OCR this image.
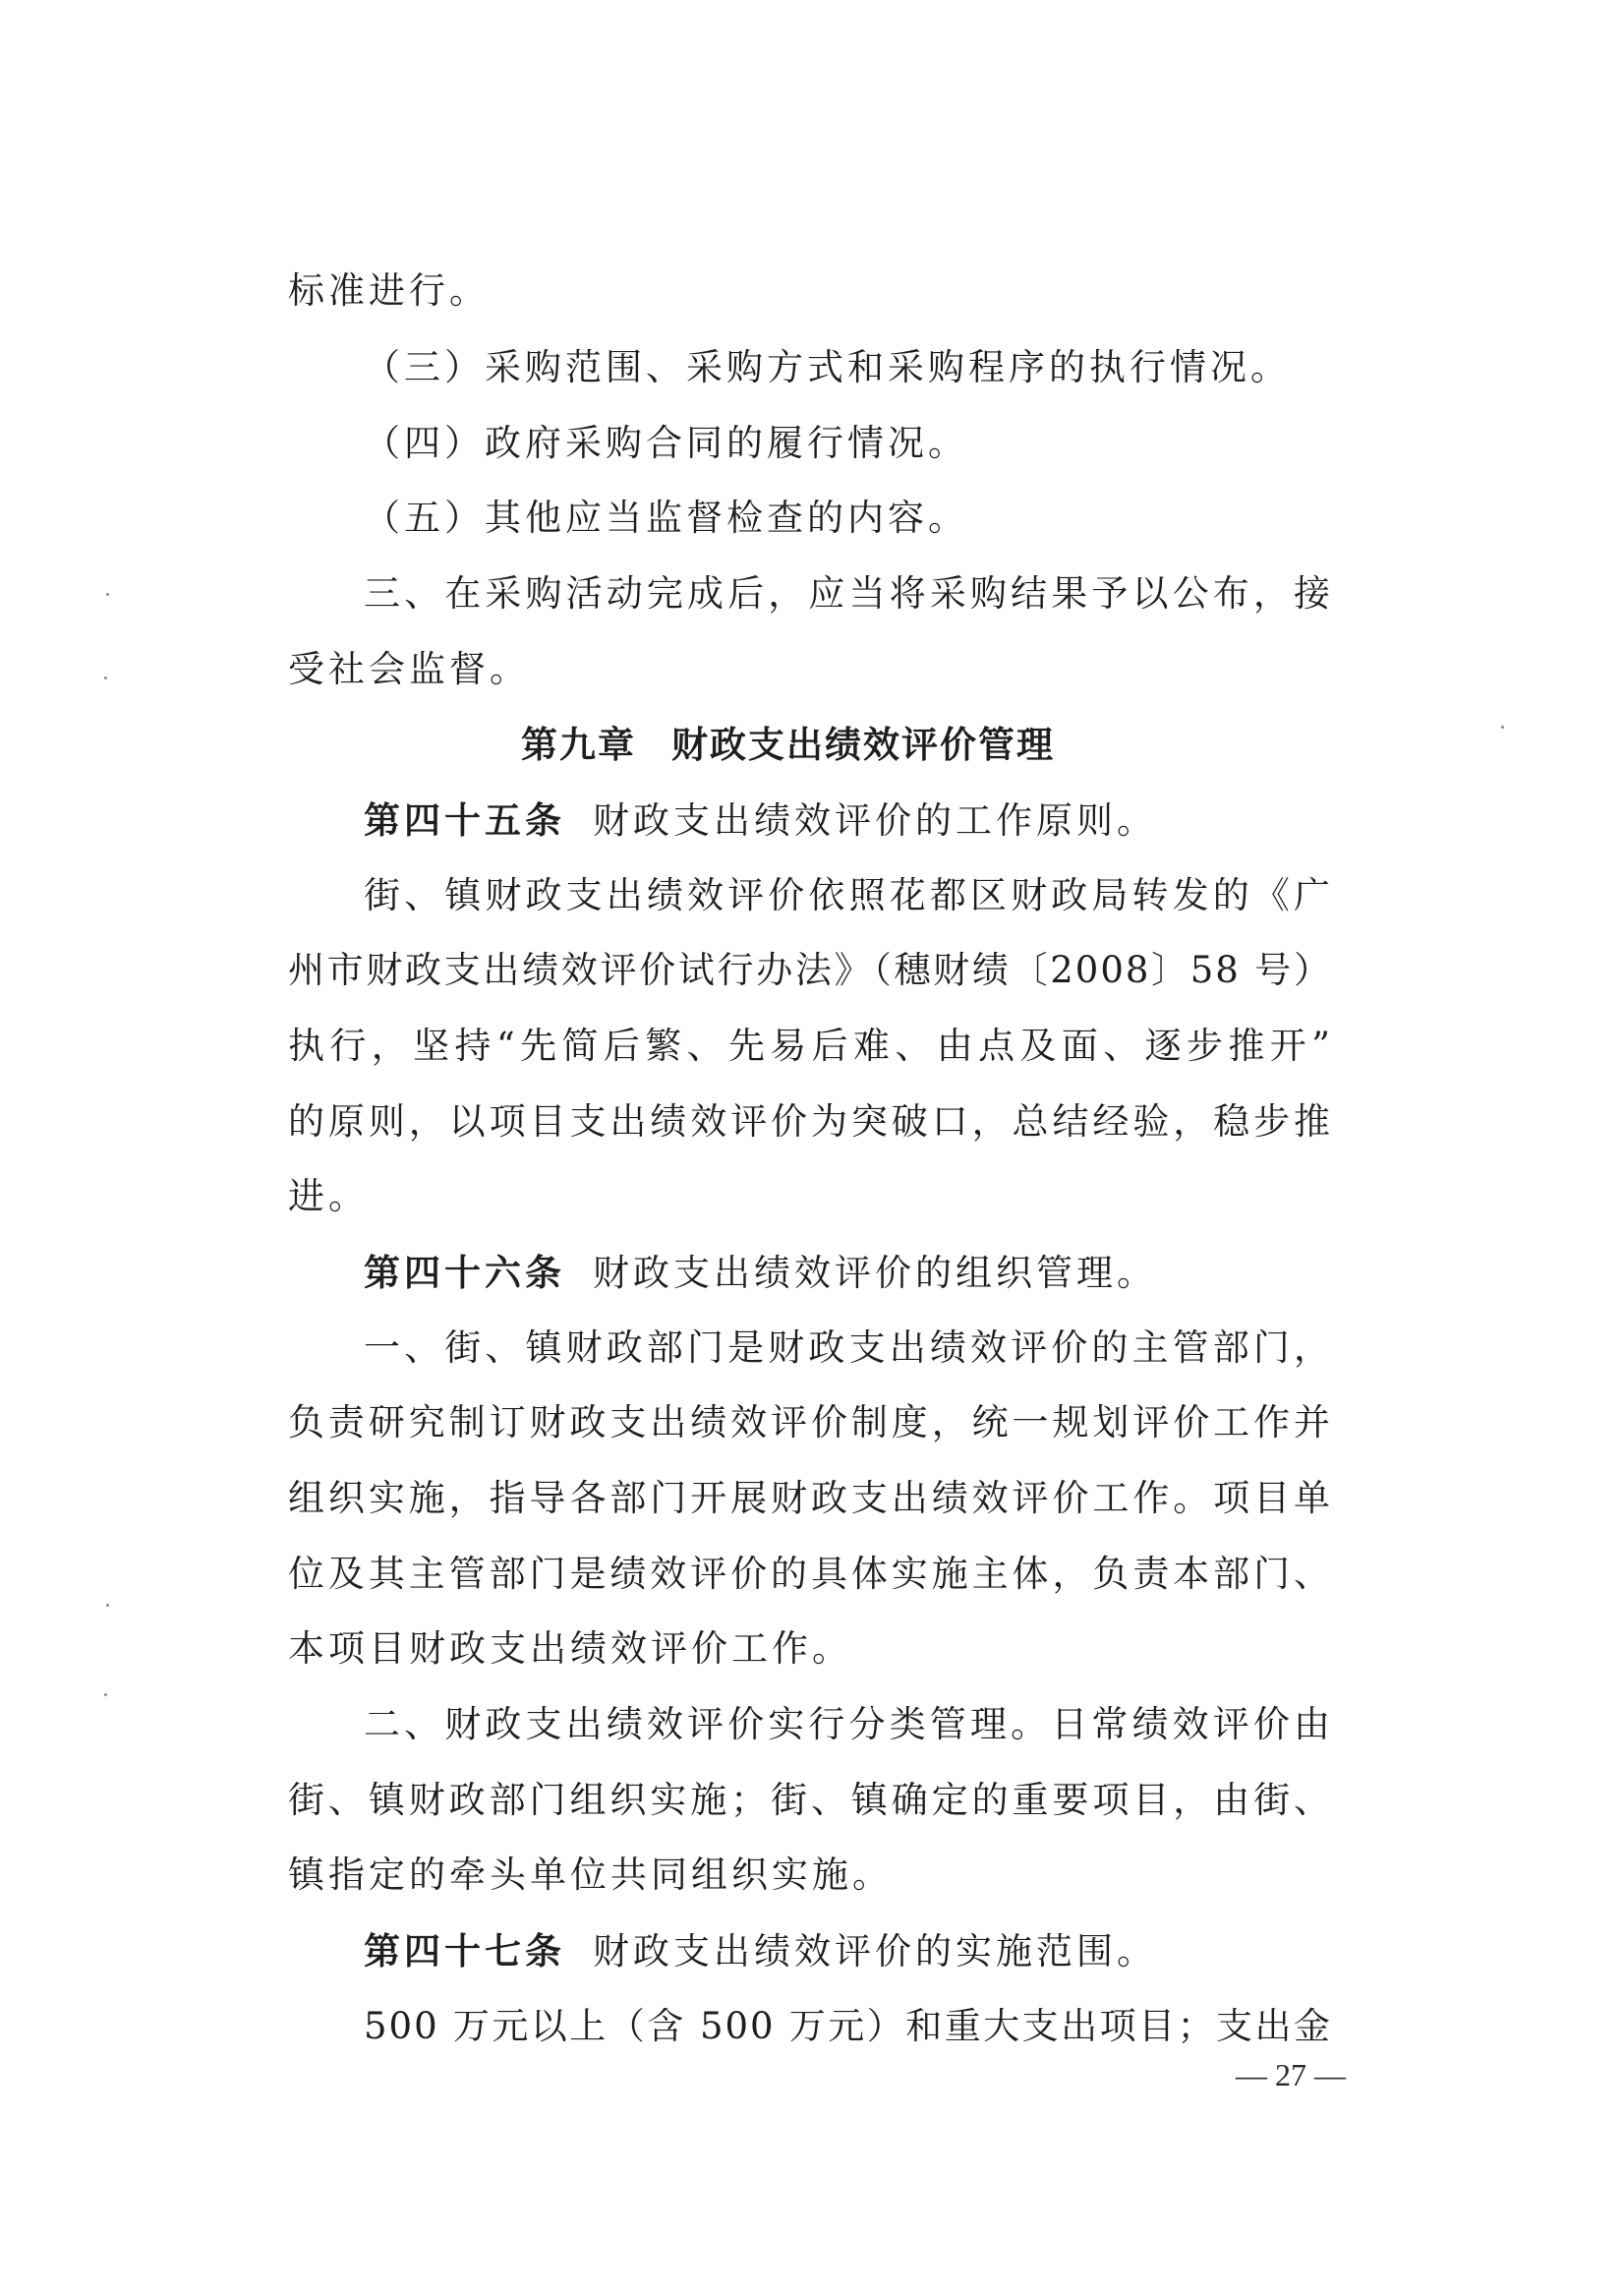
标准进行。
（三）采购范围、采购方式和采购程序的执行情况。
（四）政府采购合同的履行情况。
（五）其他应当监督检查的内容。
三、在采购活动完成后，应当将采购结果予以公布，接
受社会监督。
第九章 财政支出绩效评价管理
第四十五条 财政支出绩效评价的工作原则。
街、镇财政支出绩效评价依照花都区财政局转发的《广
州市财政支出绩效评价试行办法》（穗财绩〔2008〕58 号）
执行，坚持“先简后繁、先易后难、由点及面、逐步推开”
的原则，以项目支出绩效评价为突破口，总结经验，稳步推
进。
第四十六条 财政支出绩效评价的组织管理。
一、街、镇财政部门是财政支出绩效评价的主管部门，
负责研究制订财政支出绩效评价制度，统一规划评价工作并
组织实施，指导各部门开展财政支出绩效评价工作。项目单
位及其主管部门是绩效评价的具体实施主体，负责本部门、
本项目财政支出绩效评价工作。
二、财政支出绩效评价实行分类管理。日常绩效评价由
街、镇财政部门组织实施；街、镇确定的重要项目，由街、
镇指定的牵头单位共同组织实施。
第四十七条 财政支出绩效评价的实施范围。
500 万元以上（含 500 万元）和重大支出项目；支出金
— 27 —
